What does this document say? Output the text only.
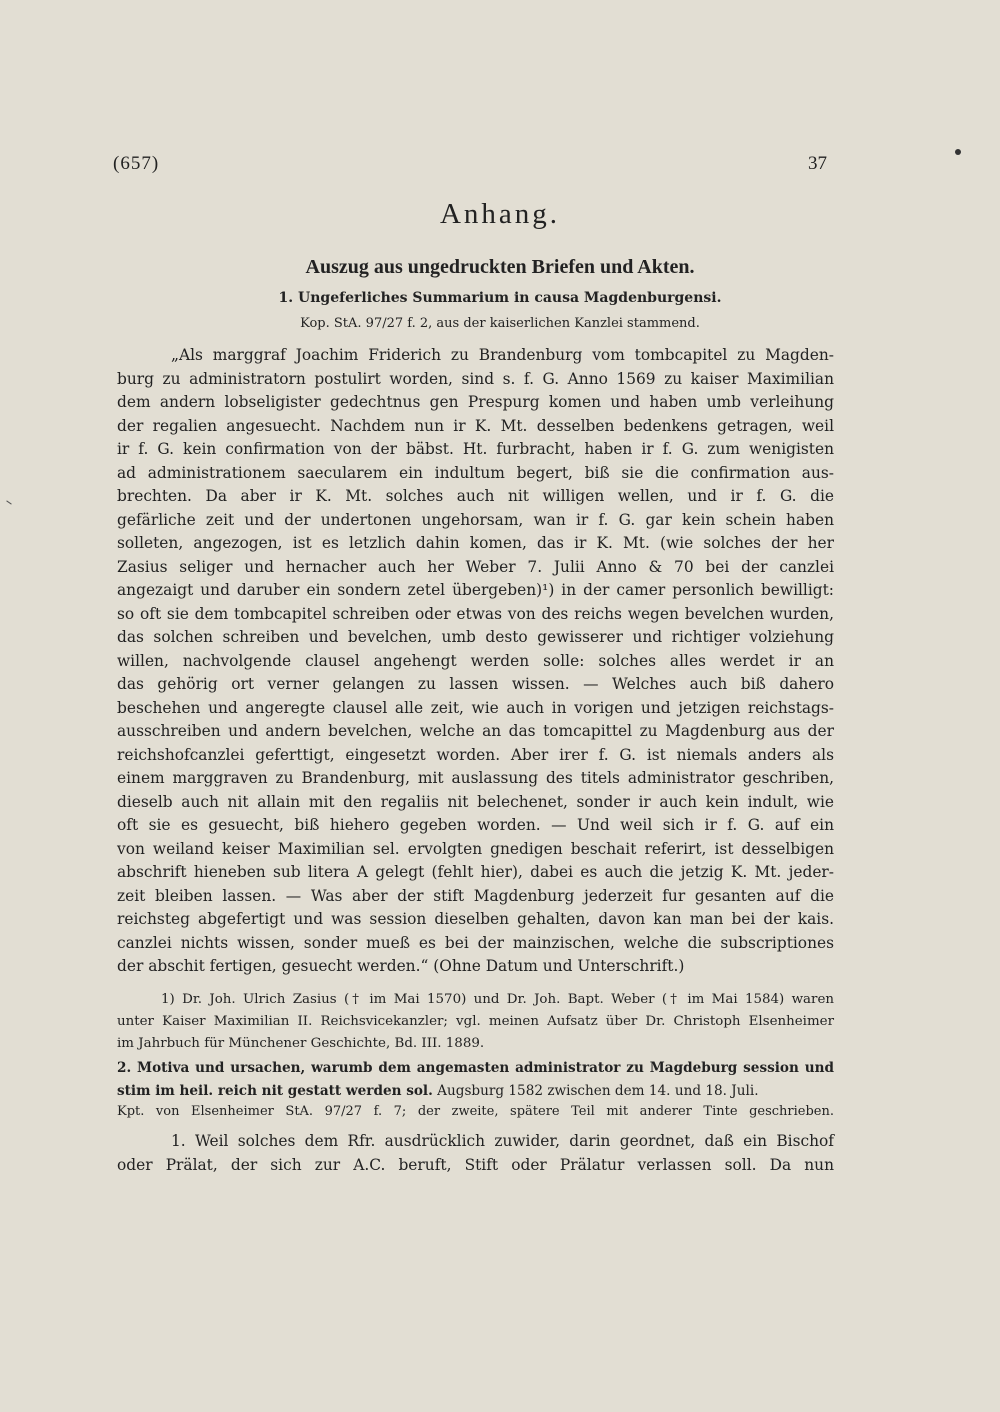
(657)	37
Anhang.
Auszug aus ungedruckten Briefen und Akten.
1. Ungeferliches Summarium in causa Magdenburgensi.
Kop. StA. 97/27 f. 2, aus der kaiserlichen Kanzlei stammend.
„Als marggraf Joachim Friderich zu Brandenburg vom tombcapitel zu Magden-
burg zu administratorn postulirt worden, sind s. f. G. Anno 1569 zu kaiser Maximilian
dem andern lobseligister gedechtnus gen Prespurg komen und haben umb verleihung
der regalien angesuecht. Nachdem nun ir K. Mt. desselben bedenkens getragen, weil
ir f. G. kein confirmation von der bäbst. Ht. furbracht, haben ir f. G. zum wenigisten
ad administrationem saecularem ein indultum begert, biß sie die confirmation aus-
brechten. Da aber ir K. Mt. solches auch nit willigen wellen, und ir f. G. die
gefärliche zeit und der undertonen ungehorsam, wan ir f. G. gar kein schein haben
solleten, angezogen, ist es letzlich dahin komen, das ir K. Mt. (wie solches der her
Zasius seliger und hernacher auch her Weber 7. Julii Anno & 70 bei der canzlei
angezaigt und daruber ein sondern zetel übergeben)¹) in der camer personlich bewilligt:
so oft sie dem tombcapitel schreiben oder etwas von des reichs wegen bevelchen wurden,
das solchen schreiben und bevelchen, umb desto gewisserer und richtiger volziehung
willen, nachvolgende clausel angehengt werden solle: solches alles werdet ir an
das gehörig ort verner gelangen zu lassen wissen. — Welches auch biß dahero
beschehen und angeregte clausel alle zeit, wie auch in vorigen und jetzigen reichstags-
ausschreiben und andern bevelchen, welche an das tomcapittel zu Magdenburg aus der
reichshofcanzlei geferttigt, eingesetzt worden. Aber irer f. G. ist niemals anders als
einem marggraven zu Brandenburg, mit auslassung des titels administrator geschriben,
dieselb auch nit allain mit den regaliis nit belechenet, sonder ir auch kein indult, wie
oft sie es gesuecht, biß hiehero gegeben worden. — Und weil sich ir f. G. auf ein
von weiland keiser Maximilian sel. ervolgten gnedigen beschait referirt, ist desselbigen
abschrift hieneben sub litera A gelegt (fehlt hier), dabei es auch die jetzig K. Mt. jeder-
zeit bleiben lassen. — Was aber der stift Magdenburg jederzeit fur gesanten auf die
reichsteg abgefertigt und was session dieselben gehalten, davon kan man bei der kais.
canzlei nichts wissen, sonder mueß es bei der mainzischen, welche die subscriptiones
der abschit fertigen, gesuecht werden.“ (Ohne Datum und Unterschrift.)
1) Dr. Joh. Ulrich Zasius († im Mai 1570) und Dr. Joh. Bapt. Weber († im Mai 1584) waren
unter Kaiser Maximilian II. Reichsvicekanzler; vgl. meinen Aufsatz über Dr. Christoph Elsenheimer
im Jahrbuch für Münchener Geschichte, Bd. III. 1889.
2. Motiva und ursachen, warumb dem angemasten administrator zu Magdeburg session und
stim im heil. reich nit gestatt werden sol. Augsburg 1582 zwischen dem 14. und 18. Juli.
Kpt. von Elsenheimer StA. 97/27 f. 7; der zweite, spätere Teil mit anderer Tinte geschrieben.
1. Weil solches dem Rfr. ausdrücklich zuwider, darin geordnet, daß ein Bischof
oder Prälat, der sich zur A.C. beruft, Stift oder Prälatur verlassen soll. Da nun
